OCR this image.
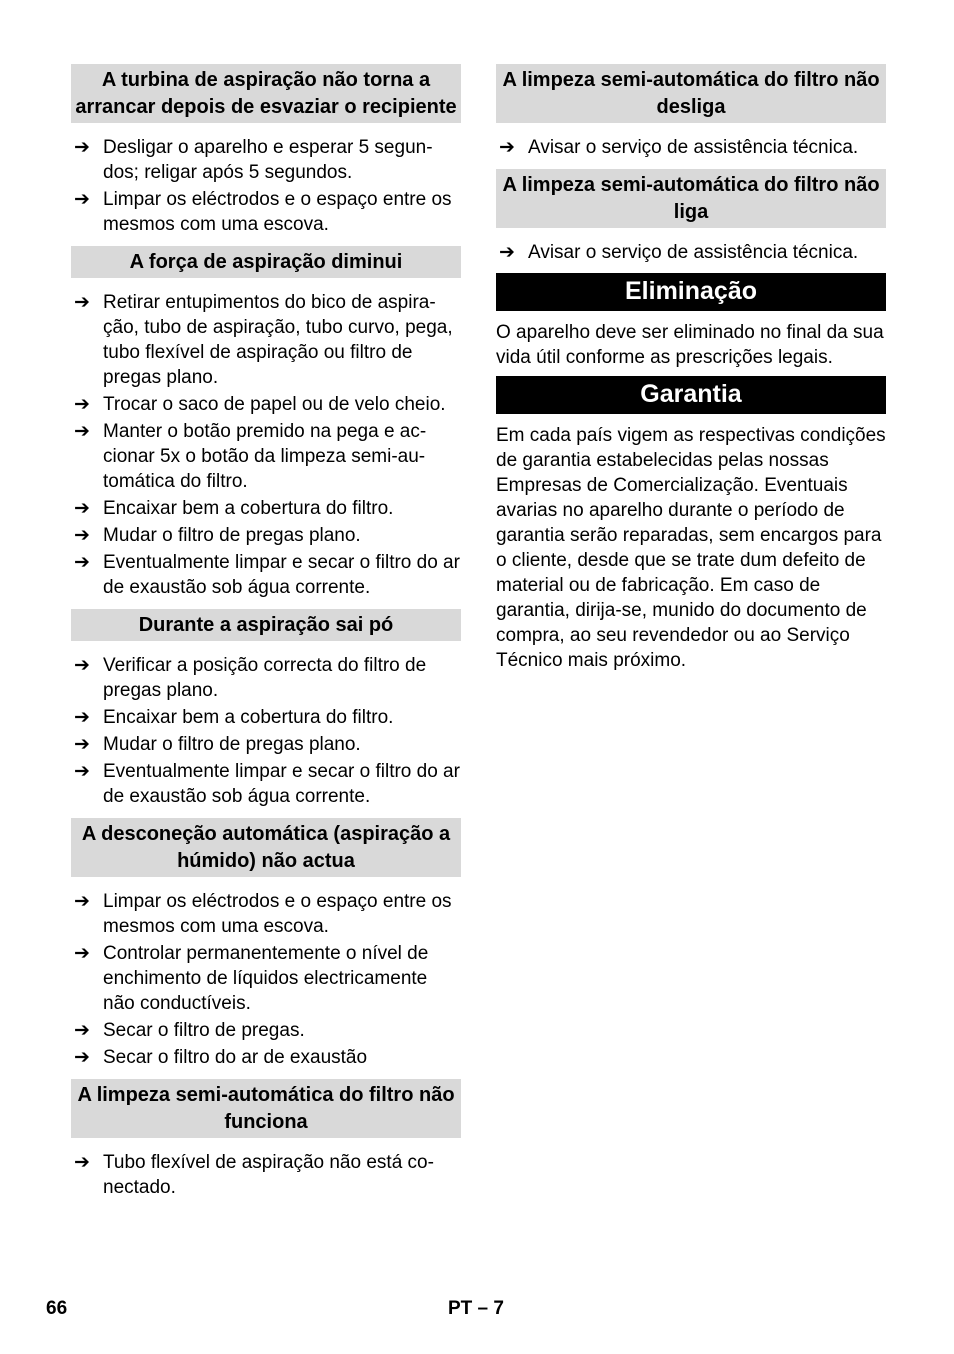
A turbina de aspiração não torna a arrancar depois de esvaziar o recipiente
➔ Desligar o aparelho e esperar 5 segundos; religar após 5 segundos.
➔ Limpar os eléctrodos e o espaço entre os mesmos com uma escova.
A força de aspiração diminui
➔ Retirar entupimentos do bico de aspiração, tubo de aspiração, tubo curvo, pega, tubo flexível de aspiração ou filtro de pregas plano.
➔ Trocar o saco de papel ou de velo cheio.
➔ Manter o botão premido na pega e accionar 5x o botão da limpeza semi-automática do filtro.
➔ Encaixar bem a cobertura do filtro.
➔ Mudar o filtro de pregas plano.
➔ Eventualmente limpar e secar o filtro do ar de exaustão sob água corrente.
Durante a aspiração sai pó
➔ Verificar a posição correcta do filtro de pregas plano.
➔ Encaixar bem a cobertura do filtro.
➔ Mudar o filtro de pregas plano.
➔ Eventualmente limpar e secar o filtro do ar de exaustão sob água corrente.
A desconeção automática (aspiração a húmido) não actua
➔ Limpar os eléctrodos e o espaço entre os mesmos com uma escova.
➔ Controlar permanentemente o nível de enchimento de líquidos electricamente não conductíveis.
➔ Secar o filtro de pregas.
➔ Secar o filtro do ar de exaustão
A limpeza semi-automática do filtro não funciona
➔ Tubo flexível de aspiração não está conectado.
A limpeza semi-automática do filtro não desliga
➔ Avisar o serviço de assistência técnica.
A limpeza semi-automática do filtro não liga
➔ Avisar o serviço de assistência técnica.
Eliminação

O aparelho deve ser eliminado no final da sua vida útil conforme as prescrições legais.

Garantia

Em cada país vigem as respectivas condições de garantia estabelecidas pelas nossas Empresas de Comercialização. Eventuais avarias no aparelho durante o período de garantia serão reparadas, sem encargos para o cliente, desde que se trate dum defeito de material ou de fabricação. Em caso de garantia, dirija-se, munido do documento de compra, ao seu revendedor ou ao Serviço Técnico mais próximo.

66	PT – 7
